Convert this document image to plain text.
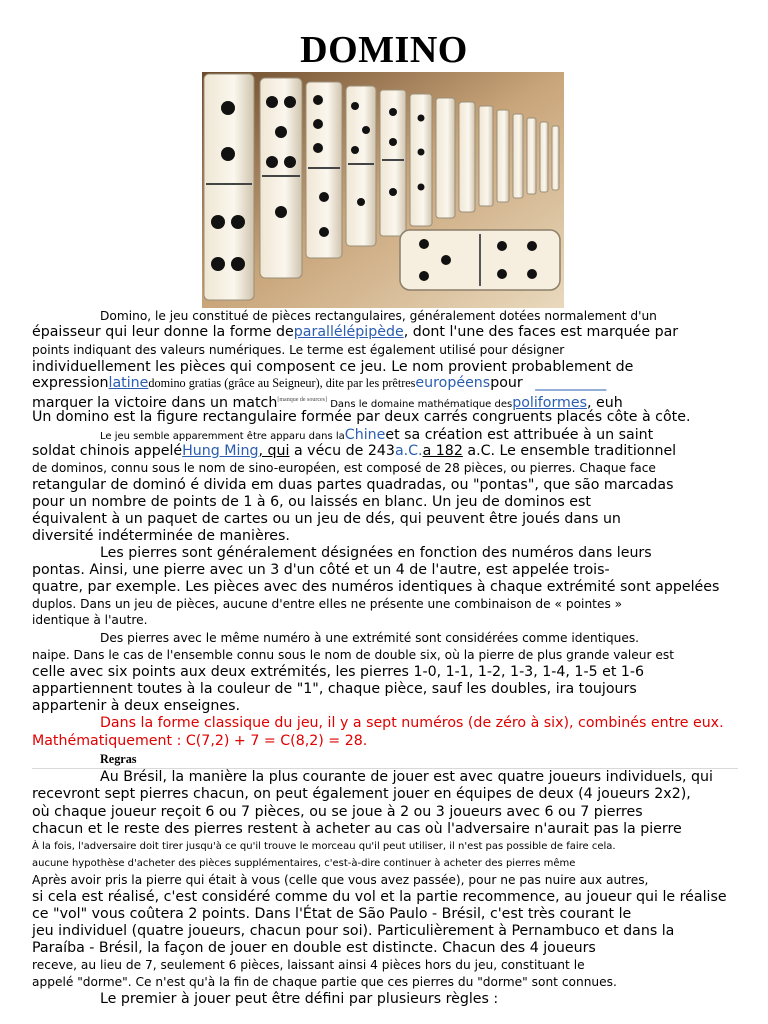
DOMINO
Domino, le jeu constitué de pièces rectangulaires, généralement dotées normalement d'un
épaisseur qui leur donne la forme deparallélépipède, dont l'une des faces est marquée par
points indiquant des valeurs numériques. Le terme est également utilisé pour désigner
individuellement les pièces qui composent ce jeu. Le nom provient probablement de
expressionlatinedomino gratias (grâce au Seigneur), dite par les prêtreseuropéenspour __________
marquer la victoire dans un match[manque de sources] Dans le domaine mathématique despoliformes, euh
Un domino est la figure rectangulaire formée par deux carrés congruents placés côte à côte.
Le jeu semble apparemment être apparu dans laChineet sa création est attribuée à un saint
soldat chinois appeléHung Ming, qui a vécu de 243a.C.a 182 a.C. Le ensemble traditionnel
de dominos, connu sous le nom de sino-européen, est composé de 28 pièces, ou pierres. Chaque face
retangular de dominó é divida em duas partes quadradas, ou "pontas", que são marcadas
pour un nombre de points de 1 à 6, ou laissés en blanc. Un jeu de dominos est
équivalent à un paquet de cartes ou un jeu de dés, qui peuvent être joués dans un
diversité indéterminée de manières.
Les pierres sont généralement désignées en fonction des numéros dans leurs
pontas. Ainsi, une pierre avec un 3 d'un côté et un 4 de l'autre, est appelée trois-
quatre, par exemple. Les pièces avec des numéros identiques à chaque extrémité sont appelées
duplos. Dans un jeu de pièces, aucune d'entre elles ne présente une combinaison de « pointes »
identique à l'autre.
Des pierres avec le même numéro à une extrémité sont considérées comme identiques.
naipe. Dans le cas de l'ensemble connu sous le nom de double six, où la pierre de plus grande valeur est
celle avec six points aux deux extrémités, les pierres 1-0, 1-1, 1-2, 1-3, 1-4, 1-5 et 1-6
appartiennent toutes à la couleur de "1", chaque pièce, sauf les doubles, ira toujours
appartenir à deux enseignes.
Dans la forme classique du jeu, il y a sept numéros (de zéro à six), combinés entre eux.
Mathématiquement : C(7,2) + 7 = C(8,2) = 28.
Regras
Au Brésil, la manière la plus courante de jouer est avec quatre joueurs individuels, qui
recevront sept pierres chacun, on peut également jouer en équipes de deux (4 joueurs 2x2),
où chaque joueur reçoit 6 ou 7 pièces, ou se joue à 2 ou 3 joueurs avec 6 ou 7 pierres
chacun et le reste des pierres restent à acheter au cas où l'adversaire n'aurait pas la pierre
À la fois, l'adversaire doit tirer jusqu'à ce qu'il trouve le morceau qu'il peut utiliser, il n'est pas possible de faire cela.
aucune hypothèse d'acheter des pièces supplémentaires, c'est-à-dire continuer à acheter des pierres même
Après avoir pris la pierre qui était à vous (celle que vous avez passée), pour ne pas nuire aux autres,
si cela est réalisé, c'est considéré comme du vol et la partie recommence, au joueur qui le réalise
ce "vol" vous coûtera 2 points. Dans l'État de São Paulo - Brésil, c'est très courant le
jeu individuel (quatre joueurs, chacun pour soi). Particulièrement à Pernambuco et dans la
Paraíba - Brésil, la façon de jouer en double est distincte. Chacun des 4 joueurs
receve, au lieu de 7, seulement 6 pièces, laissant ainsi 4 pièces hors du jeu, constituant le
appelé "dorme". Ce n'est qu'à la fin de chaque partie que ces pierres du "dorme" sont connues.
Le premier à jouer peut être défini par plusieurs règles :
